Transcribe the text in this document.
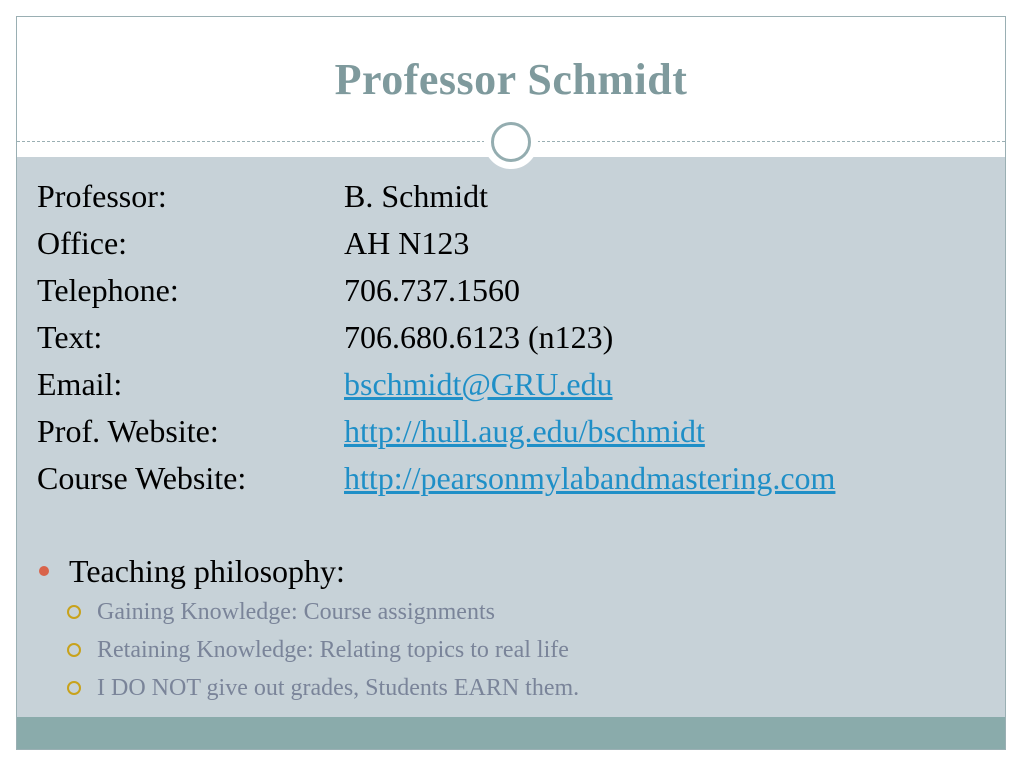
Professor Schmidt
Professor:	B. Schmidt
Office:	AH N123
Telephone:	706.737.1560
Text:	706.680.6123 (n123)
Email:	bschmidt@GRU.edu
Prof. Website:	http://hull.aug.edu/bschmidt
Course Website:	http://pearsonmylabandmastering.com
Teaching philosophy:
Gaining Knowledge: Course assignments
Retaining Knowledge: Relating topics to real life
I DO NOT give out grades, Students EARN them.
